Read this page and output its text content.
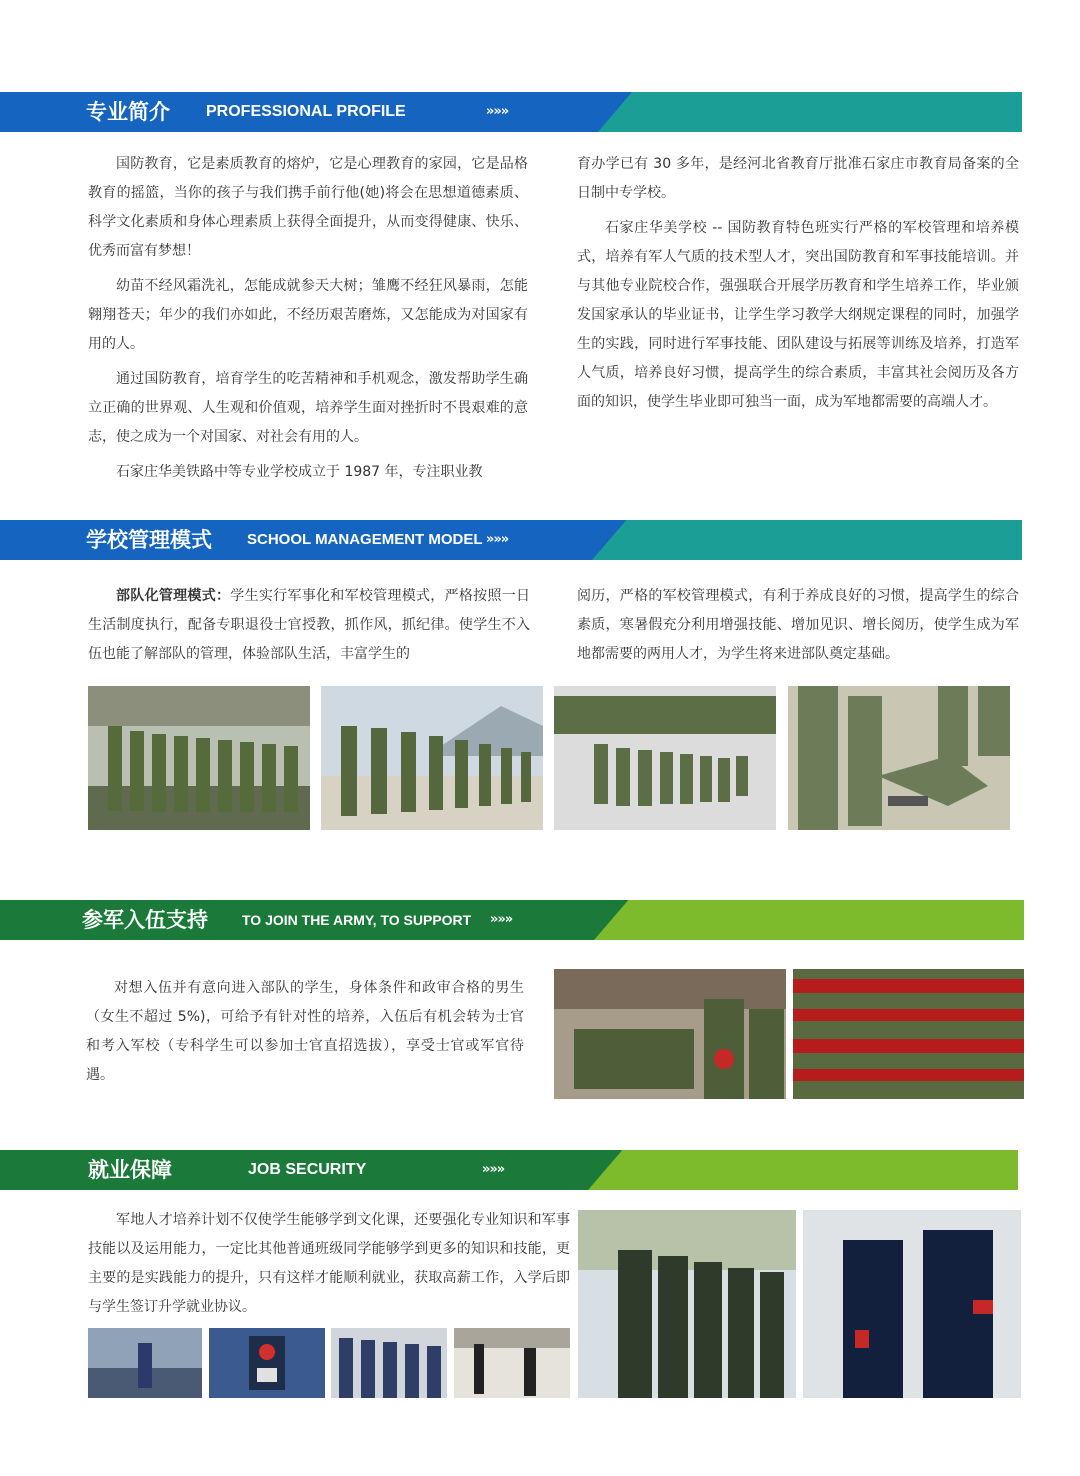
专业简介 PROFESSIONAL PROFILE	»»»

国防教育，它是素质教育的熔炉，它是心理教育的家园，它是品格教育的摇篮，当你的孩子与我们携手前行他(她)将会在思想道德素质、科学文化素质和身体心理素质上获得全面提升，从而变得健康、快乐、优秀而富有梦想！

幼苗不经风霜洗礼，怎能成就参天大树；雏鹰不经狂风暴雨，怎能翱翔苍天；年少的我们亦如此，不经历艰苦磨炼，又怎能成为对国家有用的人。

通过国防教育，培育学生的吃苦精神和手机观念，激发帮助学生确立正确的世界观、人生观和价值观，培养学生面对挫折时不畏艰难的意志，使之成为一个对国家、对社会有用的人。

石家庄华美铁路中等专业学校成立于 1987 年，专注职业教

育办学已有 30 多年，是经河北省教育厅批准石家庄市教育局备案的全日制中专学校。

石家庄华美学校 -- 国防教育特色班实行严格的军校管理和培养模式，培养有军人气质的技术型人才，突出国防教育和军事技能培训。并与其他专业院校合作，强强联合开展学历教育和学生培养工作，毕业颁发国家承认的毕业证书，让学生学习教学大纲规定课程的同时，加强学生的实践，同时进行军事技能、团队建设与拓展等训练及培养，打造军人气质，培养良好习惯，提高学生的综合素质，丰富其社会阅历及各方面的知识，使学生毕业即可独当一面，成为军地都需要的高端人才。

学校管理模式 SCHOOL MANAGEMENT MODEL »»»

部队化管理模式：学生实行军事化和军校管理模式，严格按照一日生活制度执行，配备专职退役士官授教，抓作风，抓纪律。使学生不入伍也能了解部队的管理，体验部队生活，丰富学生的

阅历，严格的军校管理模式，有利于养成良好的习惯，提高学生的综合素质，寒暑假充分利用增强技能、增加见识、增长阅历，使学生成为军地都需要的两用人才，为学生将来进部队奠定基础。

参军入伍支持 TO JOIN THE ARMY, TO SUPPORT »»»

对想入伍并有意向进入部队的学生，身体条件和政审合格的男生（女生不超过 5%)，可给予有针对性的培养，入伍后有机会转为士官和考入军校（专科学生可以参加士官直招选拔），享受士官或军官待遇。

就业保障	JOB SECURITY	»»»

军地人才培养计划不仅使学生能够学到文化课，还要强化专业知识和军事技能以及运用能力，一定比其他普通班级同学能够学到更多的知识和技能，更主要的是实践能力的提升，只有这样才能顺利就业，获取高薪工作，入学后即与学生签订升学就业协议。
